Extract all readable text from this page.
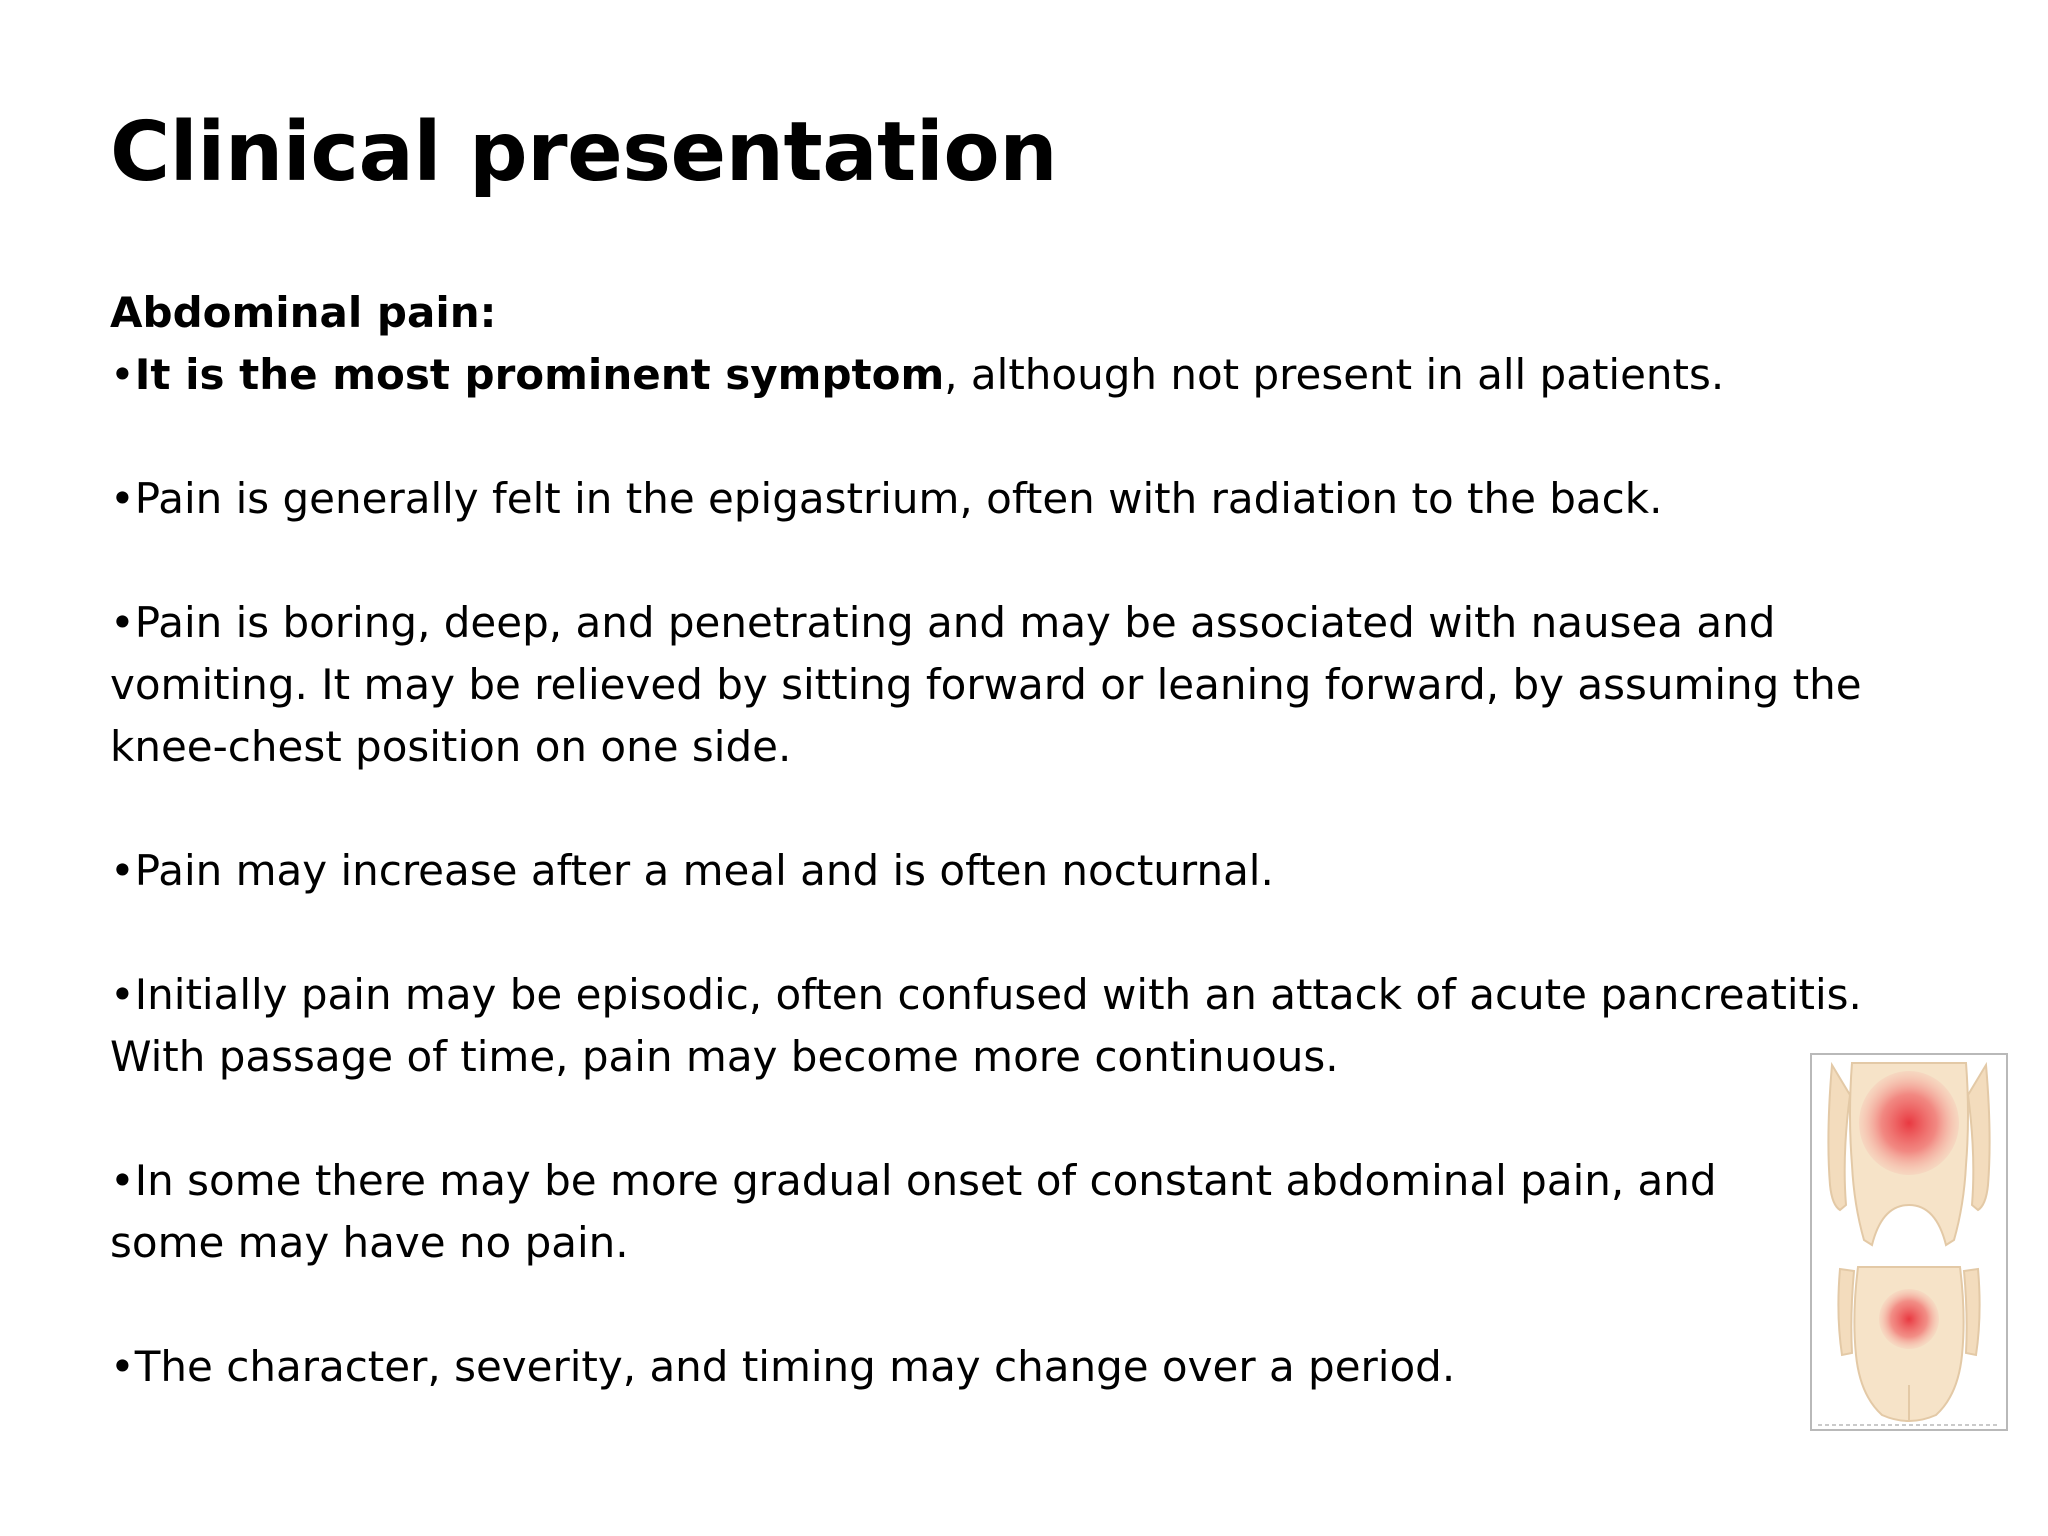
Clinical presentation

Abdominal pain:

•It is the most prominent symptom, although not present in all patients.

•Pain is generally felt in the epigastrium, often with radiation to the back.

•Pain is boring, deep, and penetrating and may be associated with nausea and
vomiting. It may be relieved by sitting forward or leaning forward, by assuming the
knee-chest position on one side.

•Pain may increase after a meal and is often nocturnal.

•Initially pain may be episodic, often confused with an attack of acute pancreatitis.
With passage of time, pain may become more continuous.

•In some there may be more gradual onset of constant abdominal pain, and
some may have no pain.

•The character, severity, and timing may change over a period.
